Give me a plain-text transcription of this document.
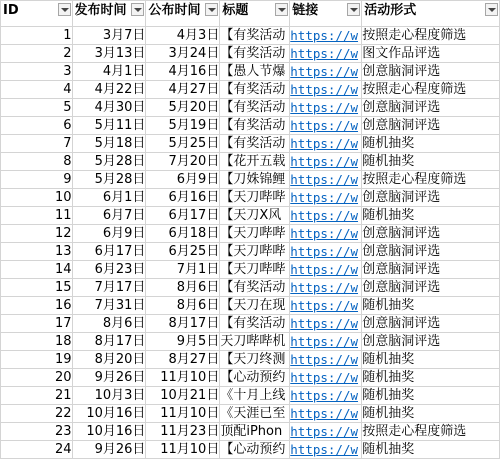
ID	发布时间	公布时间	标题	链接	活动形式

1	3月7日	4月3日	【有奖活动	https://w	按照走心程度筛选
2	3月13日	3月24日	【有奖活动	https://w	图文作品评选
3	4月1日	4月16日	【愚人节爆	https://w	创意脑洞评选
4	4月22日	4月27日	【有奖活动	https://w	按照走心程度筛选
5	4月30日	5月20日	【有奖活动	https://w	创意脑洞评选
6	5月11日	5月19日	【有奖活动	https://w	创意脑洞评选
7	5月18日	5月25日	【有奖活动	https://w	随机抽奖
8	5月28日	7月20日	【花开五载	https://w	随机抽奖
9	5月28日	6月9日	【刀姝锦鲤	https://w	按照走心程度筛选
10	6月1日	6月16日	【天刀哔哔	https://w	创意脑洞评选
11	6月7日	6月17日	【天刀X风	https://w	随机抽奖
12	6月9日	6月18日	【天刀哔哔	https://w	创意脑洞评选
13	6月17日	6月25日	【天刀哔哔	https://w	创意脑洞评选
14	6月23日	7月1日	【天刀哔哔	https://w	创意脑洞评选
15	7月17日	8月6日	【有奖活动	https://w	创意脑洞评选
16	7月31日	8月6日	【天刀在现	https://w	随机抽奖
17	8月6日	8月17日	【有奖活动	https://w	创意脑洞评选
18	8月17日	9月5日	天刀哔哔机	https://w	创意脑洞评选
19	8月20日	8月27日	【天刀终测	https://w	随机抽奖
20	9月26日	11月10日	【心动预约	https://w	随机抽奖
21	10月3日	10月21日	《十月上线	https://w	随机抽奖
22	10月16日	11月10日	《天涯已至	https://w	随机抽奖
23	10月16日	11月23日	顶配iPhon	https://w	按照走心程度筛选
24	9月26日	11月10日	【心动预约	https://w	随机抽奖
